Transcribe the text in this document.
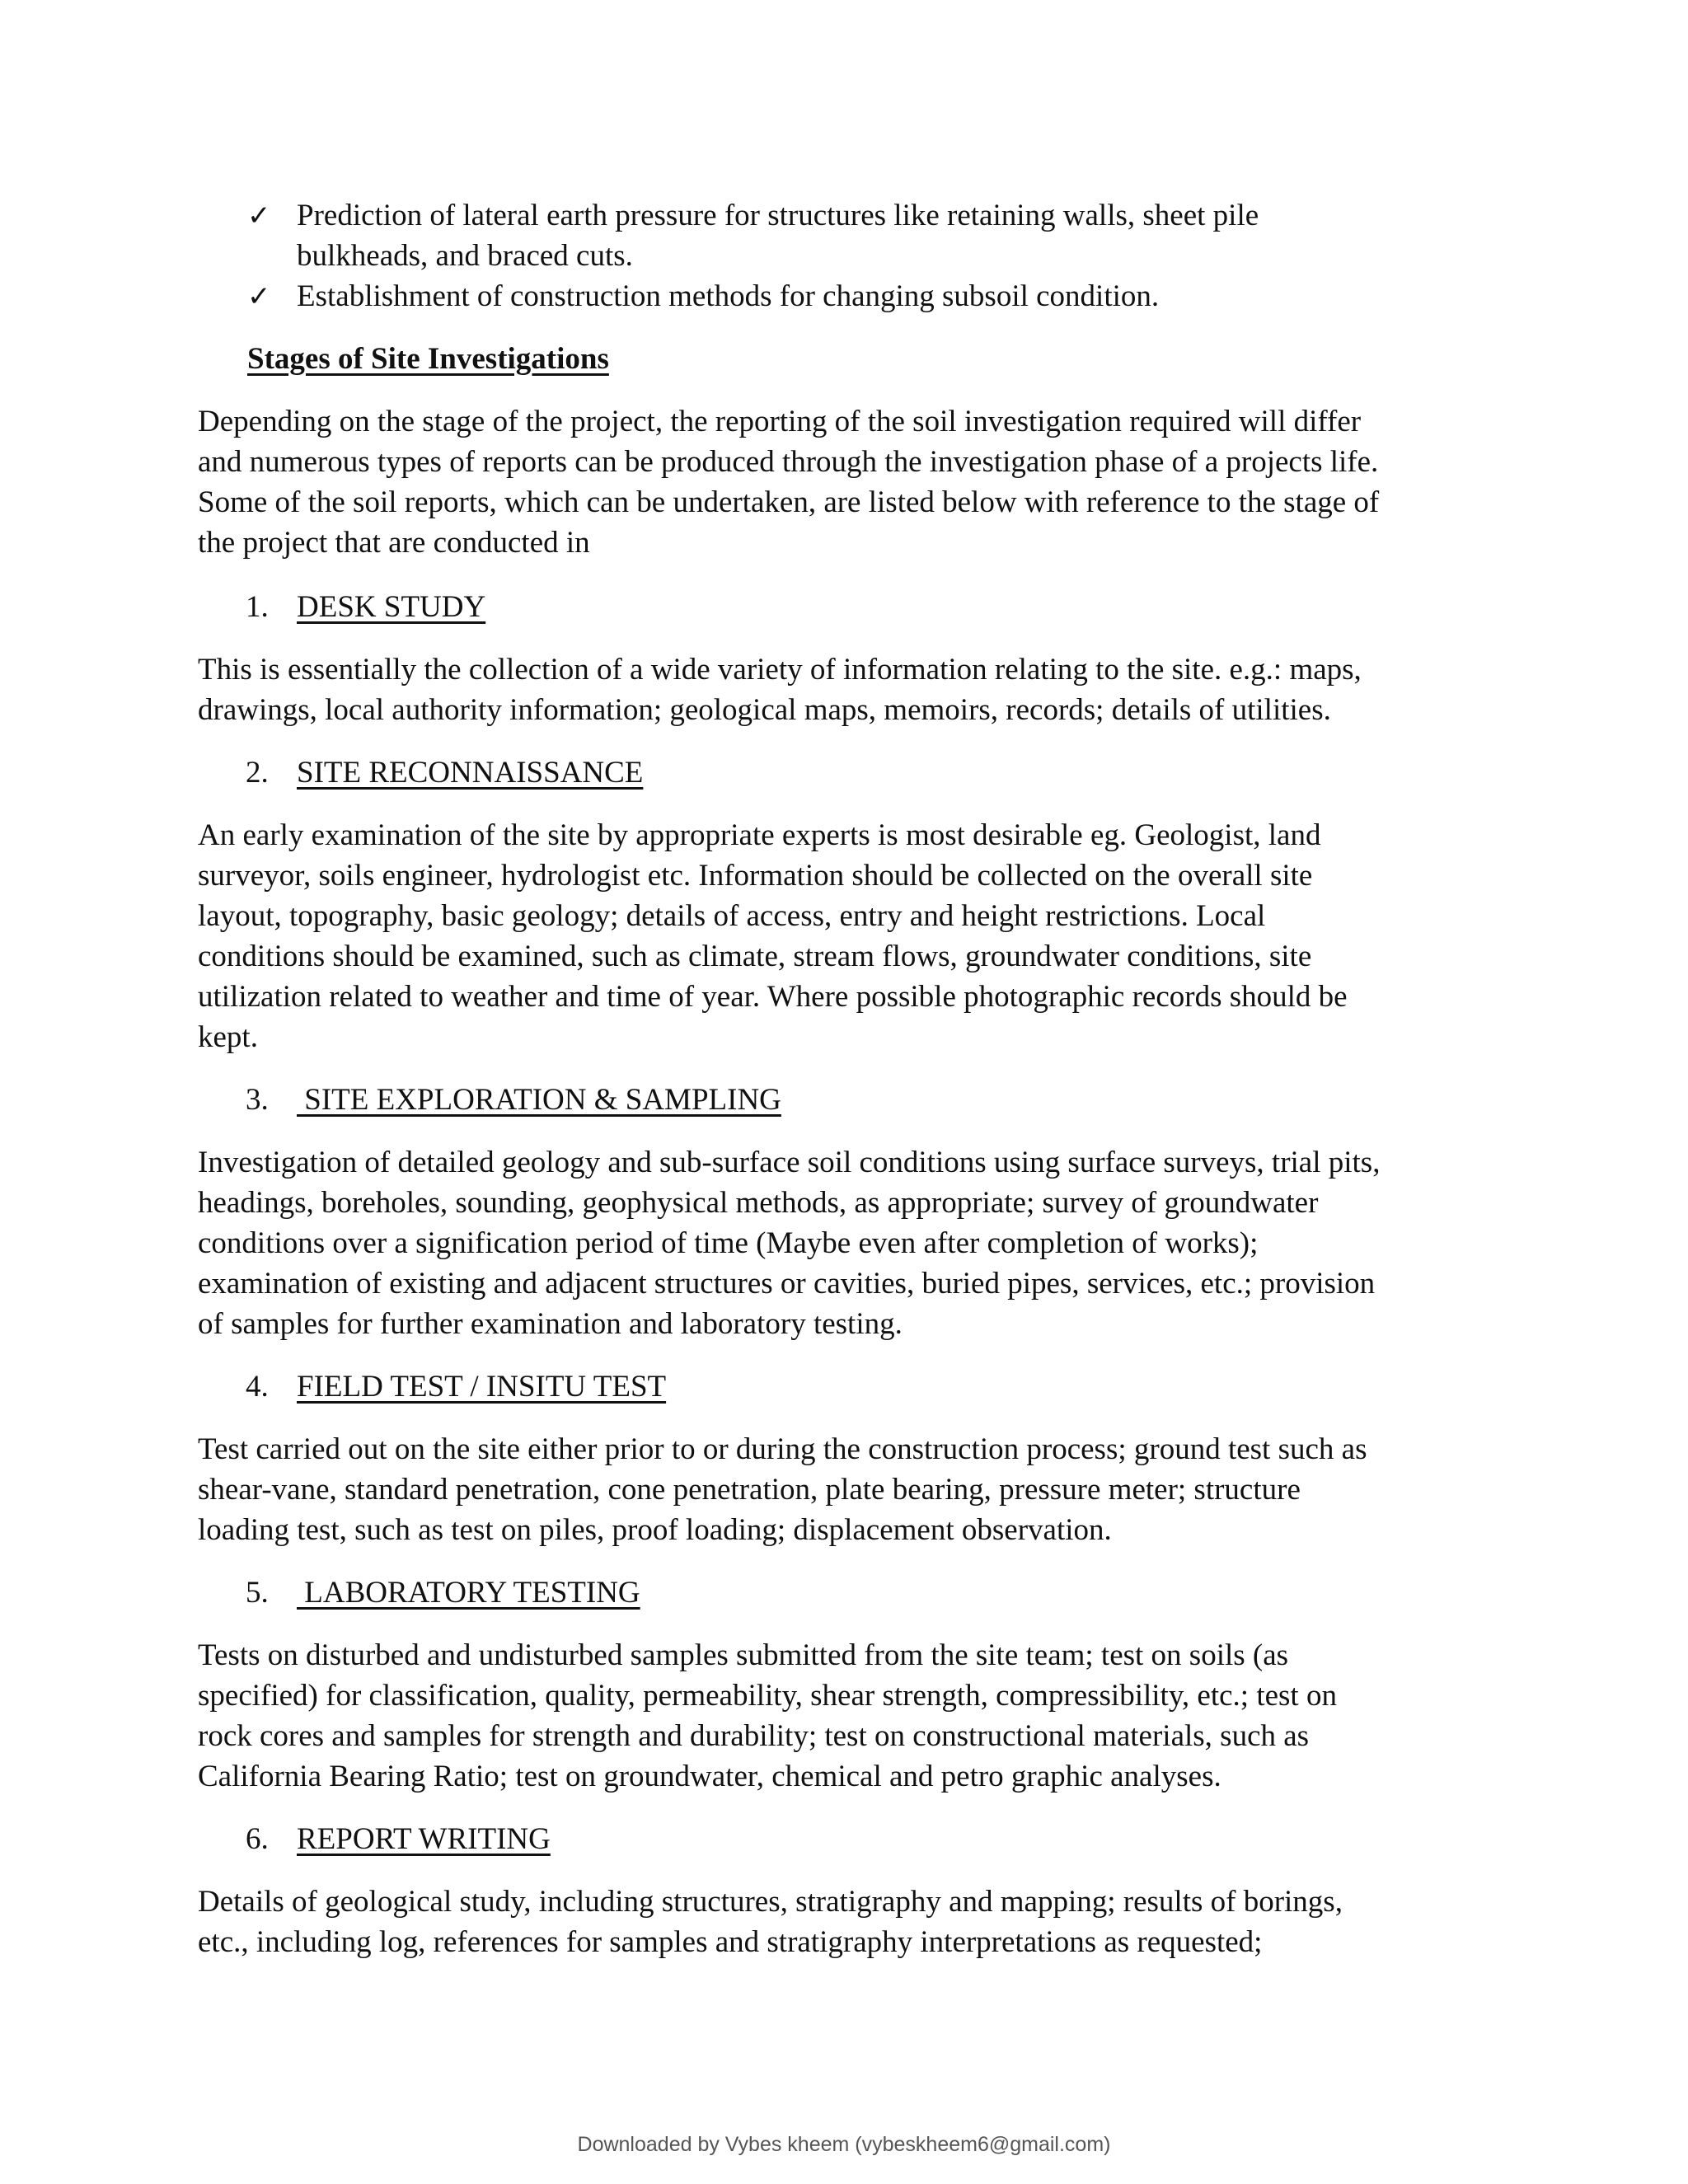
✓ Prediction of lateral earth pressure for structures like retaining walls, sheet pile
bulkheads, and braced cuts.
✓ Establishment of construction methods for changing subsoil condition.
Stages of Site Investigations
Depending on the stage of the project, the reporting of the soil investigation required will differ
and numerous types of reports can be produced through the investigation phase of a projects life.
Some of the soil reports, which can be undertaken, are listed below with reference to the stage of
the project that are conducted in
1. DESK STUDY
This is essentially the collection of a wide variety of information relating to the site. e.g.: maps,
drawings, local authority information; geological maps, memoirs, records; details of utilities.
2. SITE RECONNAISSANCE
An early examination of the site by appropriate experts is most desirable eg. Geologist, land
surveyor, soils engineer, hydrologist etc. Information should be collected on the overall site
layout, topography, basic geology; details of access, entry and height restrictions. Local
conditions should be examined, such as climate, stream flows, groundwater conditions, site
utilization related to weather and time of year. Where possible photographic records should be
kept.
3. SITE EXPLORATION & SAMPLING
Investigation of detailed geology and sub-surface soil conditions using surface surveys, trial pits,
headings, boreholes, sounding, geophysical methods, as appropriate; survey of groundwater
conditions over a signification period of time (Maybe even after completion of works);
examination of existing and adjacent structures or cavities, buried pipes, services, etc.; provision
of samples for further examination and laboratory testing.
4. FIELD TEST / INSITU TEST
Test carried out on the site either prior to or during the construction process; ground test such as
shear-vane, standard penetration, cone penetration, plate bearing, pressure meter; structure
loading test, such as test on piles, proof loading; displacement observation.
5. LABORATORY TESTING
Tests on disturbed and undisturbed samples submitted from the site team; test on soils (as
specified) for classification, quality, permeability, shear strength, compressibility, etc.; test on
rock cores and samples for strength and durability; test on constructional materials, such as
California Bearing Ratio; test on groundwater, chemical and petro graphic analyses.
6. REPORT WRITING
Details of geological study, including structures, stratigraphy and mapping; results of borings,
etc., including log, references for samples and stratigraphy interpretations as requested;
Downloaded by Vybes kheem (vybeskheem6@gmail.com)
